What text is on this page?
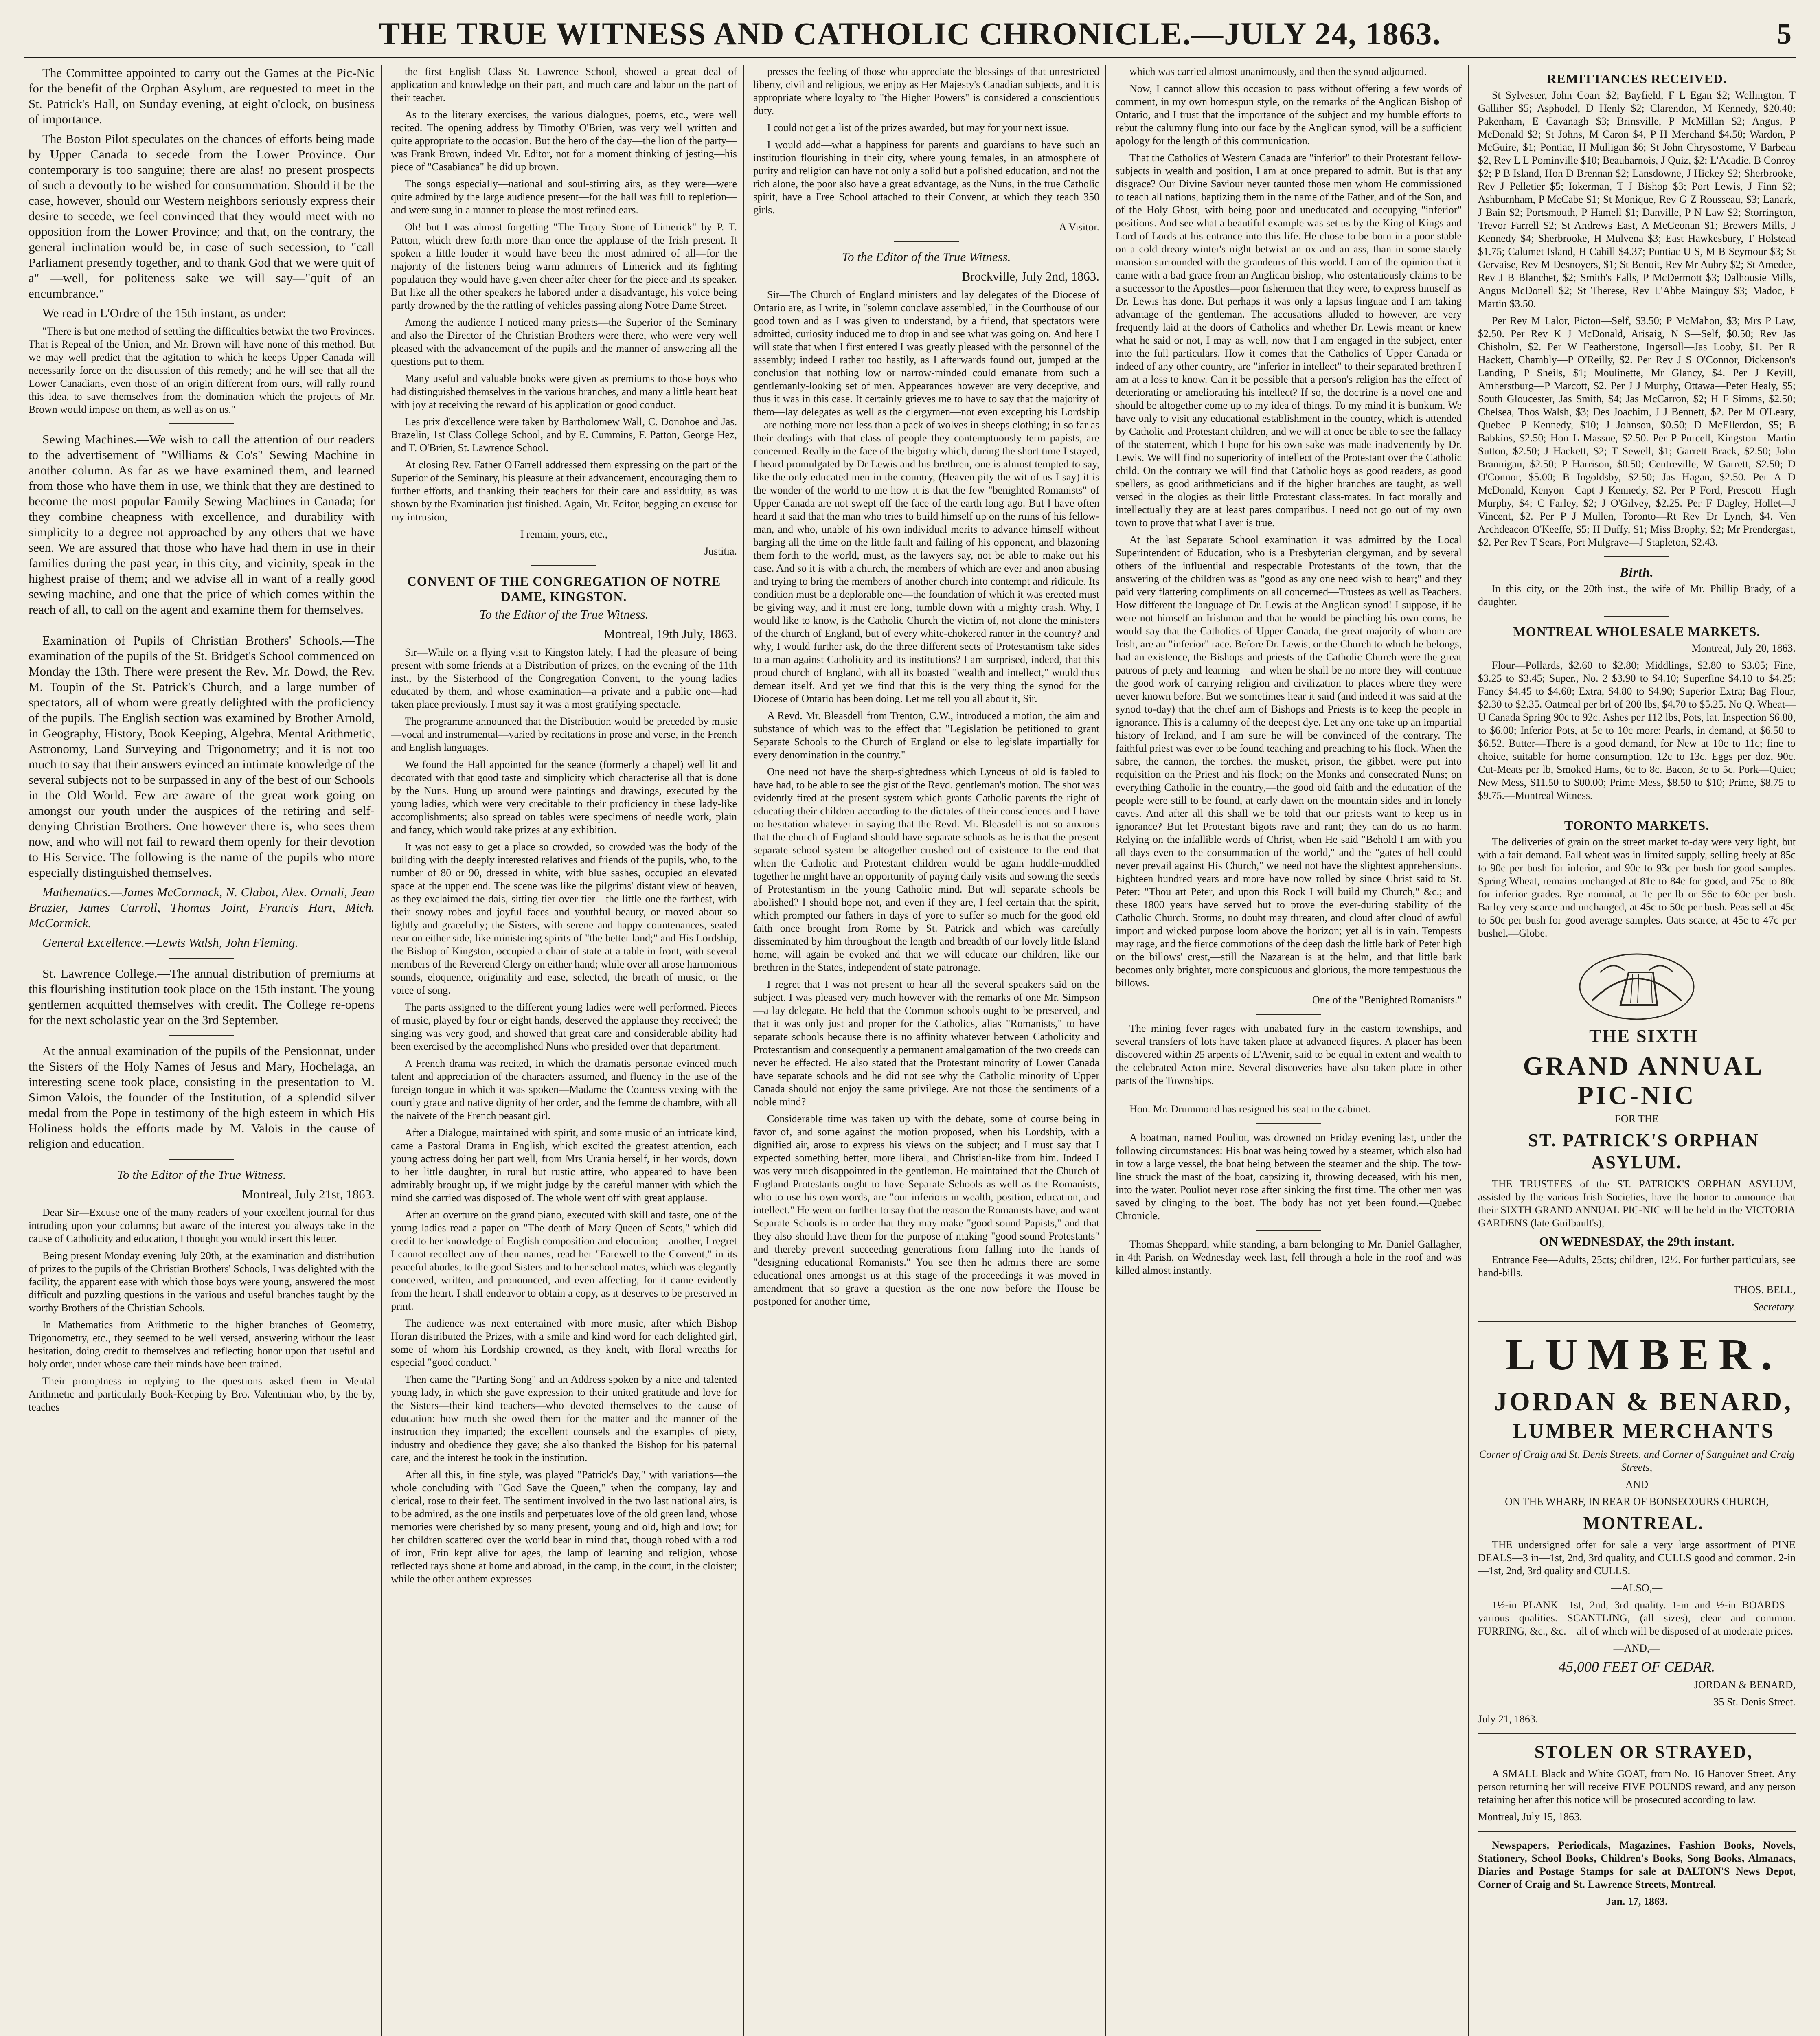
THE TRUE WITNESS AND CATHOLIC CHRONICLE.—JULY 24, 1863.	5

The Committee appointed to carry out the Games at the Pic-Nic for the benefit of the Orphan Asylum, are requested to meet in the St. Patrick's Hall, on Sunday evening, at eight o'clock, on business of importance.

The Boston Pilot speculates on the chances of efforts being made by Upper Canada to secede from the Lower Province. Our contemporary is too sanguine; there are alas! no present prospects of such a devoutly to be wished for consummation. Should it be the case, however, should our Western neighbors seriously express their desire to secede, we feel convinced that they would meet with no opposition from the Lower Province; and that, on the contrary, the general inclination would be, in case of such secession, to "call Parliament presently together, and to thank God that we were quit of a" —well, for politeness sake we will say—"quit of an encumbrance."

We read in L'Ordre of the 15th instant, as under:

"There is but one method of settling the difficulties betwixt the two Provinces. That is Repeal of the Union, and Mr. Brown will have none of this method. But we may well predict that the agitation to which he keeps Upper Canada will necessarily force on the discussion of this remedy; and he will see that all the Lower Canadians, even those of an origin different from ours, will rally round this idea, to save themselves from the domination which the projects of Mr. Brown would impose on them, as well as on us."

Sewing Machines.—We wish to call the attention of our readers to the advertisement of "Williams & Co's" Sewing Machine in another column. As far as we have examined them, and learned from those who have them in use, we think that they are destined to become the most popular Family Sewing Machines in Canada; for they combine cheapness with excellence, and durability with simplicity to a degree not approached by any others that we have seen. We are assured that those who have had them in use in their families during the past year, in this city, and vicinity, speak in the highest praise of them; and we advise all in want of a really good sewing machine, and one that the price of which comes within the reach of all, to call on the agent and examine them for themselves.

Examination of Pupils of Christian Brothers' Schools.—The examination of the pupils of the St. Bridget's School commenced on Monday the 13th. There were present the Rev. Mr. Dowd, the Rev. M. Toupin of the St. Patrick's Church, and a large number of spectators, all of whom were greatly delighted with the proficiency of the pupils. The English section was examined by Brother Arnold, in Geography, History, Book Keeping, Algebra, Mental Arithmetic, Astronomy, Land Surveying and Trigonometry; and it is not too much to say that their answers evinced an intimate knowledge of the several subjects not to be surpassed in any of the best of our Schools in the Old World. Few are aware of the great work going on amongst our youth under the auspices of the retiring and self-denying Christian Brothers. One however there is, who sees them now, and who will not fail to reward them openly for their devotion to His Service. The following is the name of the pupils who more especially distinguished themselves.

Mathematics.—James McCormack, N. Clabot, Alex. Ornali, Jean Brazier, James Carroll, Thomas Joint, Francis Hart, Mich. McCormick.

General Excellence.—Lewis Walsh, John Fleming.

St. Lawrence College.—The annual distribution of premiums at this flourishing institution took place on the 15th instant. The young gentlemen acquitted themselves with credit. The College re-opens for the next scholastic year on the 3rd September.

At the annual examination of the pupils of the Pensionnat, under the Sisters of the Holy Names of Jesus and Mary, Hochelaga, an interesting scene took place, consisting in the presentation to M. Simon Valois, the founder of the Institution, of a splendid silver medal from the Pope in testimony of the high esteem in which His Holiness holds the efforts made by M. Valois in the cause of religion and education.

To the Editor of the True Witness.

Montreal, July 21st, 1863.

Dear Sir—Excuse one of the many readers of your excellent journal for thus intruding upon your columns; but aware of the interest you always take in the cause of Catholicity and education, I thought you would insert this letter.

Being present Monday evening July 20th, at the examination and distribution of prizes to the pupils of the Christian Brothers' Schools, I was delighted with the facility, the apparent ease with which those boys were young, answered the most difficult and puzzling questions in the various and useful branches taught by the worthy Brothers of the Christian Schools.

In Mathematics from Arithmetic to the higher branches of Geometry, Trigonometry, etc., they seemed to be well versed, answering without the least hesitation, doing credit to themselves and reflecting honor upon that useful and holy order, under whose care their minds have been trained.

Their promptness in replying to the questions asked them in Mental Arithmetic and particularly Book-Keeping by Bro. Valentinian who, by the by, teaches

the first English Class St. Lawrence School, showed a great deal of application and knowledge on their part, and much care and labor on the part of their teacher.

As to the literary exercises, the various dialogues, poems, etc., were well recited. The opening address by Timothy O'Brien, was very well written and quite appropriate to the occasion. But the hero of the day—the lion of the party—was Frank Brown, indeed Mr. Editor, not for a moment thinking of jesting—his piece of "Casabianca" he did up brown.

The songs especially—national and soul-stirring airs, as they were—were quite admired by the large audience present—for the hall was full to repletion—and were sung in a manner to please the most refined ears.

Oh! but I was almost forgetting "The Treaty Stone of Limerick" by P. T. Patton, which drew forth more than once the applause of the Irish present. It spoken a little louder it would have been the most admired of all—for the majority of the listeners being warm admirers of Limerick and its fighting population they would have given cheer after cheer for the piece and its speaker. But like all the other speakers he labored under a disadvantage, his voice being partly drowned by the the rattling of vehicles passing along Notre Dame Street.

Among the audience I noticed many priests—the Superior of the Seminary and also the Director of the Christian Brothers were there, who were very well pleased with the advancement of the pupils and the manner of answering all the questions put to them.

Many useful and valuable books were given as premiums to those boys who had distinguished themselves in the various branches, and many a little heart beat with joy at receiving the reward of his application or good conduct.

Les prix d'excellence were taken by Bartholomew Wall, C. Donohoe and Jas. Brazelin, 1st Class College School, and by E. Cummins, F. Patton, George Hez, and T. O'Brien, St. Lawrence School.

At closing Rev. Father O'Farrell addressed them expressing on the part of the Superior of the Seminary, his pleasure at their advancement, encouraging them to further efforts, and thanking their teachers for their care and assiduity, as was shown by the Examination just finished. Again, Mr. Editor, begging an excuse for my intrusion,

I remain, yours, etc.,

Justitia.

CONVENT OF THE CONGREGATION OF NOTRE DAME, KINGSTON.

To the Editor of the True Witness.

Montreal, 19th July, 1863.

Sir—While on a flying visit to Kingston lately, I had the pleasure of being present with some friends at a Distribution of prizes, on the evening of the 11th inst., by the Sisterhood of the Congregation Convent, to the young ladies educated by them, and whose examination—a private and a public one—had taken place previously. I must say it was a most gratifying spectacle.

The programme announced that the Distribution would be preceded by music—vocal and instrumental—varied by recitations in prose and verse, in the French and English languages.

We found the Hall appointed for the seance (formerly a chapel) well lit and decorated with that good taste and simplicity which characterise all that is done by the Nuns. Hung up around were paintings and drawings, executed by the young ladies, which were very creditable to their proficiency in these lady-like accomplishments; also spread on tables were specimens of needle work, plain and fancy, which would take prizes at any exhibition.

It was not easy to get a place so crowded, so crowded was the body of the building with the deeply interested relatives and friends of the pupils, who, to the number of 80 or 90, dressed in white, with blue sashes, occupied an elevated space at the upper end. The scene was like the pilgrims' distant view of heaven, as they exclaimed the dais, sitting tier over tier—the little one the farthest, with their snowy robes and joyful faces and youthful beauty, or moved about so lightly and gracefully; the Sisters, with serene and happy countenances, seated near on either side, like ministering spirits of "the better land;" and His Lordship, the Bishop of Kingston, occupied a chair of state at a table in front, with several members of the Reverend Clergy on either hand; while over all arose harmonious sounds, eloquence, originality and ease, selected, the breath of music, or the voice of song.

The parts assigned to the different young ladies were well performed. Pieces of music, played by four or eight hands, deserved the applause they received; the singing was very good, and showed that great care and considerable ability had been exercised by the accomplished Nuns who presided over that department.

A French drama was recited, in which the dramatis personae evinced much talent and appreciation of the characters assumed, and fluency in the use of the foreign tongue in which it was spoken—Madame the Countess vexing with the courtly grace and native dignity of her order, and the femme de chambre, with all the naivete of the French peasant girl.

After a Dialogue, maintained with spirit, and some music of an intricate kind, came a Pastoral Drama in English, which excited the greatest attention, each young actress doing her part well, from Mrs Urania herself, in her words, down to her little daughter, in rural but rustic attire, who appeared to have been admirably brought up, if we might judge by the careful manner with which the mind she carried was disposed of. The whole went off with great applause.

After an overture on the grand piano, executed with skill and taste, one of the young ladies read a paper on "The death of Mary Queen of Scots," which did credit to her knowledge of English composition and elocution;—another, I regret I cannot recollect any of their names, read her "Farewell to the Convent," in its peaceful abodes, to the good Sisters and to her school mates, which was elegantly conceived, written, and pronounced, and even affecting, for it came evidently from the heart. I shall endeavor to obtain a copy, as it deserves to be preserved in print.

The audience was next entertained with more music, after which Bishop Horan distributed the Prizes, with a smile and kind word for each delighted girl, some of whom his Lordship crowned, as they knelt, with floral wreaths for especial "good conduct."

Then came the "Parting Song" and an Address spoken by a nice and talented young lady, in which she gave expression to their united gratitude and love for the Sisters—their kind teachers—who devoted themselves to the cause of education: how much she owed them for the matter and the manner of the instruction they imparted; the excellent counsels and the examples of piety, industry and obedience they gave; she also thanked the Bishop for his paternal care, and the interest he took in the institution.

After all this, in fine style, was played "Patrick's Day," with variations—the whole concluding with "God Save the Queen," when the company, lay and clerical, rose to their feet. The sentiment involved in the two last national airs, is to be admired, as the one instils and perpetuates love of the old green land, whose memories were cherished by so many present, young and old, high and low; for her children scattered over the world bear in mind that, though robed with a rod of iron, Erin kept alive for ages, the lamp of learning and religion, whose reflected rays shone at home and abroad, in the camp, in the court, in the cloister; while the other anthem expresses

presses the feeling of those who appreciate the blessings of that unrestricted liberty, civil and religious, we enjoy as Her Majesty's Canadian subjects, and it is appropriate where loyalty to "the Higher Powers" is considered a conscientious duty.

I could not get a list of the prizes awarded, but may for your next issue.

I would add—what a happiness for parents and guardians to have such an institution flourishing in their city, where young females, in an atmosphere of purity and religion can have not only a solid but a polished education, and not the rich alone, the poor also have a great advantage, as the Nuns, in the true Catholic spirit, have a Free School attached to their Convent, at which they teach 350 girls.

A Visitor.

To the Editor of the True Witness.

Brockville, July 2nd, 1863.

Sir—The Church of England ministers and lay delegates of the Diocese of Ontario are, as I write, in "solemn conclave assembled," in the Courthouse of our good town and as I was given to understand, by a friend, that spectators were admitted, curiosity induced me to drop in and see what was going on. And here I will state that when I first entered I was greatly pleased with the personnel of the assembly; indeed I rather too hastily, as I afterwards found out, jumped at the conclusion that nothing low or narrow-minded could emanate from such a gentlemanly-looking set of men. Appearances however are very deceptive, and thus it was in this case. It certainly grieves me to have to say that the majority of them—lay delegates as well as the clergymen—not even excepting his Lordship—are nothing more nor less than a pack of wolves in sheeps clothing; in so far as their dealings with that class of people they contemptuously term papists, are concerned. Really in the face of the bigotry which, during the short time I stayed, I heard promulgated by Dr Lewis and his brethren, one is almost tempted to say, like the only educated men in the country, (Heaven pity the wit of us I say) it is the wonder of the world to me how it is that the few "benighted Romanists" of Upper Canada are not swept off the face of the earth long ago. But I have often heard it said that the man who tries to build himself up on the ruins of his fellow-man, and who, unable of his own individual merits to advance himself without barging all the time on the little fault and failing of his opponent, and blazoning them forth to the world, must, as the lawyers say, not be able to make out his case. And so it is with a church, the members of which are ever and anon abusing and trying to bring the members of another church into contempt and ridicule. Its condition must be a deplorable one—the foundation of which it was erected must be giving way, and it must ere long, tumble down with a mighty crash. Why, I would like to know, is the Catholic Church the victim of, not alone the ministers of the church of England, but of every white-chokered ranter in the country? and why, I would further ask, do the three different sects of Protestantism take sides to a man against Catholicity and its institutions? I am surprised, indeed, that this proud church of England, with all its boasted "wealth and intellect," would thus demean itself. And yet we find that this is the very thing the synod for the Diocese of Ontario has been doing. Let me tell you all about it, Sir.

A Revd. Mr. Bleasdell from Trenton, C.W., introduced a motion, the aim and substance of which was to the effect that "Legislation be petitioned to grant Separate Schools to the Church of England or else to legislate impartially for every denomination in the country."

One need not have the sharp-sightedness which Lynceus of old is fabled to have had, to be able to see the gist of the Revd. gentleman's motion. The shot was evidently fired at the present system which grants Catholic parents the right of educating their children according to the dictates of their consciences and I have no hesitation whatever in saying that the Revd. Mr. Bleasdell is not so anxious that the church of England should have separate schools as he is that the present separate school system be altogether crushed out of existence to the end that when the Catholic and Protestant children would be again huddle-muddled together he might have an opportunity of paying daily visits and sowing the seeds of Protestantism in the young Catholic mind. But will separate schools be abolished? I should hope not, and even if they are, I feel certain that the spirit, which prompted our fathers in days of yore to suffer so much for the good old faith once brought from Rome by St. Patrick and which was carefully disseminated by him throughout the length and breadth of our lovely little Island home, will again be evoked and that we will educate our children, like our brethren in the States, independent of state patronage.

I regret that I was not present to hear all the several speakers said on the subject. I was pleased very much however with the remarks of one Mr. Simpson—a lay delegate. He held that the Common schools ought to be preserved, and that it was only just and proper for the Catholics, alias "Romanists," to have separate schools because there is no affinity whatever between Catholicity and Protestantism and consequently a permanent amalgamation of the two creeds can never be effected. He also stated that the Protestant minority of Lower Canada have separate schools and he did not see why the Catholic minority of Upper Canada should not enjoy the same privilege. Are not those the sentiments of a noble mind?

Considerable time was taken up with the debate, some of course being in favor of, and some against the motion proposed, when his Lordship, with a dignified air, arose to express his views on the subject; and I must say that I expected something better, more liberal, and Christian-like from him. Indeed I was very much disappointed in the gentleman. He maintained that the Church of England Protestants ought to have Separate Schools as well as the Romanists, who to use his own words, are "our inferiors in wealth, position, education, and intellect." He went on further to say that the reason the Romanists have, and want Separate Schools is in order that they may make "good sound Papists," and that they also should have them for the purpose of making "good sound Protestants" and thereby prevent succeeding generations from falling into the hands of "designing educational Romanists." You see then he admits there are some educational ones amongst us at this stage of the proceedings it was moved in amendment that so grave a question as the one now before the House be postponed for another time,

which was carried almost unanimously, and then the synod adjourned.

Now, I cannot allow this occasion to pass without offering a few words of comment, in my own homespun style, on the remarks of the Anglican Bishop of Ontario, and I trust that the importance of the subject and my humble efforts to rebut the calumny flung into our face by the Anglican synod, will be a sufficient apology for the length of this communication.

That the Catholics of Western Canada are "inferior" to their Protestant fellow-subjects in wealth and position, I am at once prepared to admit. But is that any disgrace? Our Divine Saviour never taunted those men whom He commissioned to teach all nations, baptizing them in the name of the Father, and of the Son, and of the Holy Ghost, with being poor and uneducated and occupying "inferior" positions. And see what a beautiful example was set us by the King of Kings and Lord of Lords at his entrance into this life. He chose to be born in a poor stable on a cold dreary winter's night betwixt an ox and an ass, than in some stately mansion surrounded with the grandeurs of this world. I am of the opinion that it came with a bad grace from an Anglican bishop, who ostentatiously claims to be a successor to the Apostles—poor fishermen that they were, to express himself as Dr. Lewis has done. But perhaps it was only a lapsus linguae and I am taking advantage of the gentleman. The accusations alluded to however, are very frequently laid at the doors of Catholics and whether Dr. Lewis meant or knew what he said or not, I may as well, now that I am engaged in the subject, enter into the full particulars. How it comes that the Catholics of Upper Canada or indeed of any other country, are "inferior in intellect" to their separated brethren I am at a loss to know. Can it be possible that a person's religion has the effect of deteriorating or ameliorating his intellect? If so, the doctrine is a novel one and should be altogether come up to my idea of things. To my mind it is bunkum. We have only to visit any educational establishment in the country, which is attended by Catholic and Protestant children, and we will at once be able to see the fallacy of the statement, which I hope for his own sake was made inadvertently by Dr. Lewis. We will find no superiority of intellect of the Protestant over the Catholic child. On the contrary we will find that Catholic boys as good readers, as good spellers, as good arithmeticians and if the higher branches are taught, as well versed in the ologies as their little Protestant class-mates. In fact morally and intellectually they are at least pares comparibus. I need not go out of my own town to prove that what I aver is true.

At the last Separate School examination it was admitted by the Local Superintendent of Education, who is a Presbyterian clergyman, and by several others of the influential and respectable Protestants of the town, that the answering of the children was as "good as any one need wish to hear;" and they paid very flattering compliments on all concerned—Trustees as well as Teachers. How different the language of Dr. Lewis at the Anglican synod! I suppose, if he were not himself an Irishman and that he would be pinching his own corns, he would say that the Catholics of Upper Canada, the great majority of whom are Irish, are an "inferior" race. Before Dr. Lewis, or the Church to which he belongs, had an existence, the Bishops and priests of the Catholic Church were the great patrons of piety and learning—and when he shall be no more they will continue the good work of carrying religion and civilization to places where they were never known before. But we sometimes hear it said (and indeed it was said at the synod to-day) that the chief aim of Bishops and Priests is to keep the people in ignorance. This is a calumny of the deepest dye. Let any one take up an impartial history of Ireland, and I am sure he will be convinced of the contrary. The faithful priest was ever to be found teaching and preaching to his flock. When the sabre, the cannon, the torches, the musket, prison, the gibbet, were put into requisition on the Priest and his flock; on the Monks and consecrated Nuns; on everything Catholic in the country,—the good old faith and the education of the people were still to be found, at early dawn on the mountain sides and in lonely caves. And after all this shall we be told that our priests want to keep us in ignorance? But let Protestant bigots rave and rant; they can do us no harm. Relying on the infallible words of Christ, when He said "Behold I am with you all days even to the consummation of the world," and the "gates of hell could never prevail against His Church," we need not have the slightest apprehensions. Eighteen hundred years and more have now rolled by since Christ said to St. Peter: "Thou art Peter, and upon this Rock I will build my Church," &c.; and these 1800 years have served but to prove the ever-during stability of the Catholic Church. Storms, no doubt may threaten, and cloud after cloud of awful import and wicked purpose loom above the horizon; yet all is in vain. Tempests may rage, and the fierce commotions of the deep dash the little bark of Peter high on the billows' crest,—still the Nazarean is at the helm, and that little bark becomes only brighter, more conspicuous and glorious, the more tempestuous the billows.

One of the "Benighted Romanists."

The mining fever rages with unabated fury in the eastern townships, and several transfers of lots have taken place at advanced figures. A placer has been discovered within 25 arpents of L'Avenir, said to be equal in extent and wealth to the celebrated Acton mine. Several discoveries have also taken place in other parts of the Townships.

Hon. Mr. Drummond has resigned his seat in the cabinet.

A boatman, named Pouliot, was drowned on Friday evening last, under the following circumstances: His boat was being towed by a steamer, which also had in tow a large vessel, the boat being between the steamer and the ship. The tow-line struck the mast of the boat, capsizing it, throwing deceased, with his men, into the water. Pouliot never rose after sinking the first time. The other men was saved by clinging to the boat. The body has not yet been found.—Quebec Chronicle.

Thomas Sheppard, while standing, a barn belonging to Mr. Daniel Gallagher, in 4th Parish, on Wednesday week last, fell through a hole in the roof and was killed almost instantly.

REMITTANCES RECEIVED.

St Sylvester, John Coarr $2; Bayfield, F L Egan $2; Wellington, T Galliher $5; Asphodel, D Henly $2; Clarendon, M Kennedy, $20.40; Pakenham, E Cavanagh $3; Brinsville, P McMillan $2; Angus, P McDonald $2; St Johns, M Caron $4, P H Merchand $4.50; Wardon, P McGuire, $1; Pontiac, H Mulligan $6; St John Chrysostome, V Barbeau $2, Rev L L Pominville $10; Beauharnois, J Quiz, $2; L'Acadie, B Conroy $2; P B Island, Hon D Brennan $2; Lansdowne, J Hickey $2; Sherbrooke, Rev J Pelletier $5; Iokerman, T J Bishop $3; Port Lewis, J Finn $2; Ashburnham, P McCabe $1; St Monique, Rev G Z Rousseau, $3; Lanark, J Bain $2; Portsmouth, P Hamell $1; Danville, P N Law $2; Storrington, Trevor Farrell $2; St Andrews East, A McGeonan $1; Brewers Mills, J Kennedy $4; Sherbrooke, H Mulvena $3; East Hawkesbury, T Holstead $1.75; Calumet Island, H Cahill $4.37; Pontiac U S, M B Seymour $3; St Gervaise, Rev M Desnoyers, $1; St Benoit, Rev Mr Aubry $2; St Amedee, Rev J B Blanchet, $2; Smith's Falls, P McDermott $3; Dalhousie Mills, Angus McDonell $2; St Therese, Rev L'Abbe Mainguy $3; Madoc, F Martin $3.50.

Per Rev M Lalor, Picton—Self, $3.50; P McMahon, $3; Mrs P Law, $2.50. Per Rev K J McDonald, Arisaig, N S—Self, $0.50; Rev Jas Chisholm, $2. Per W Featherstone, Ingersoll—Jas Looby, $1. Per R Hackett, Chambly—P O'Reilly, $2. Per Rev J S O'Connor, Dickenson's Landing, P Sheils, $1; Moulinette, Mr Glancy, $4. Per J Kevill, Amherstburg—P Marcott, $2. Per J J Murphy, Ottawa—Peter Healy, $5; South Gloucester, Jas Smith, $4; Jas McCarron, $2; H F Simms, $2.50; Chelsea, Thos Walsh, $3; Des Joachim, J J Bennett, $2. Per M O'Leary, Quebec—P Kennedy, $10; J Johnson, $0.50; D McEllerdon, $5; B Babkins, $2.50; Hon L Massue, $2.50. Per P Purcell, Kingston—Martin Sutton, $2.50; J Hackett, $2; T Sewell, $1; Garrett Brack, $2.50; John Brannigan, $2.50; P Harrison, $0.50; Centreville, W Garrett, $2.50; D O'Connor, $5.00; B Ingoldsby, $2.50; Jas Hagan, $2.50. Per A D McDonald, Kenyon—Capt J Kennedy, $2. Per P Ford, Prescott—Hugh Murphy, $4; C Farley, $2; J O'Gilvey, $2.25. Per F Dagley, Hollet—J Vincent, $2. Per P J Mullen, Toronto—Rt Rev Dr Lynch, $4. Ven Archdeacon O'Keeffe, $5; H Duffy, $1; Miss Brophy, $2; Mr Prendergast, $2. Per Rev T Sears, Port Mulgrave—J Stapleton, $2.43.

Birth.

In this city, on the 20th inst., the wife of Mr. Phillip Brady, of a daughter.

MONTREAL WHOLESALE MARKETS.

Montreal, July 20, 1863.

Flour—Pollards, $2.60 to $2.80; Middlings, $2.80 to $3.05; Fine, $3.25 to $3.45; Super., No. 2 $3.90 to $4.10; Superfine $4.10 to $4.25; Fancy $4.45 to $4.60; Extra, $4.80 to $4.90; Superior Extra; Bag Flour, $2.30 to $2.35. Oatmeal per brl of 200 lbs, $4.70 to $5.25. No Q. Wheat—U Canada Spring 90c to 92c. Ashes per 112 lbs, Pots, lat. Inspection $6.80, to $6.00; Inferior Pots, at 5c to 10c more; Pearls, in demand, at $6.50 to $6.52. Butter—There is a good demand, for New at 10c to 11c; fine to choice, suitable for home consumption, 12c to 13c. Eggs per doz, 90c. Cut-Meats per lb, Smoked Hams, 6c to 8c. Bacon, 3c to 5c. Pork—Quiet; New Mess, $11.50 to $00.00; Prime Mess, $8.50 to $10; Prime, $8.75 to $9.75.—Montreal Witness.

TORONTO MARKETS.

The deliveries of grain on the street market to-day were very light, but with a fair demand. Fall wheat was in limited supply, selling freely at 85c to 90c per bush for inferior, and 90c to 93c per bush for good samples. Spring Wheat, remains unchanged at 81c to 84c for good, and 75c to 80c for inferior grades. Rye nominal, at 1c per lb or 56c to 60c per bush. Barley very scarce and unchanged, at 45c to 50c per bush. Peas sell at 45c to 50c per bush for good average samples. Oats scarce, at 45c to 47c per bushel.—Globe.

THE SIXTH

GRAND ANNUAL PIC-NIC

FOR THE

ST. PATRICK'S ORPHAN ASYLUM.

THE TRUSTEES of the ST. PATRICK'S ORPHAN ASYLUM, assisted by the various Irish Societies, have the honor to announce that their SIXTH GRAND ANNUAL PIC-NIC will be held in the VICTORIA GARDENS (late Guilbault's),

ON WEDNESDAY, the 29th instant.

Entrance Fee—Adults, 25cts; children, 12½. For further particulars, see hand-bills.

THOS. BELL,

Secretary.

LUMBER.

JORDAN & BENARD,

LUMBER MERCHANTS

Corner of Craig and St. Denis Streets, and Corner of Sanguinet and Craig Streets,

AND

ON THE WHARF, IN REAR OF BONSECOURS CHURCH,

MONTREAL.

THE undersigned offer for sale a very large assortment of PINE DEALS—3 in—1st, 2nd, 3rd quality, and CULLS good and common. 2-in—1st, 2nd, 3rd quality and CULLS.

—ALSO,—

1½-in PLANK—1st, 2nd, 3rd quality. 1-in and ½-in BOARDS—various qualities. SCANTLING, (all sizes), clear and common. FURRING, &c., &c.—all of which will be disposed of at moderate prices.

—AND,—

45,000 FEET OF CEDAR.

JORDAN & BENARD,

35 St. Denis Street.

July 21, 1863.

STOLEN OR STRAYED,

A SMALL Black and White GOAT, from No. 16 Hanover Street. Any person returning her will receive FIVE POUNDS reward, and any person retaining her after this notice will be prosecuted according to law.

Montreal, July 15, 1863.

Newspapers, Periodicals, Magazines, Fashion Books, Novels, Stationery, School Books, Children's Books, Song Books, Almanacs, Diaries and Postage Stamps for sale at DALTON'S News Depot, Corner of Craig and St. Lawrence Streets, Montreal.

Jan. 17, 1863.
